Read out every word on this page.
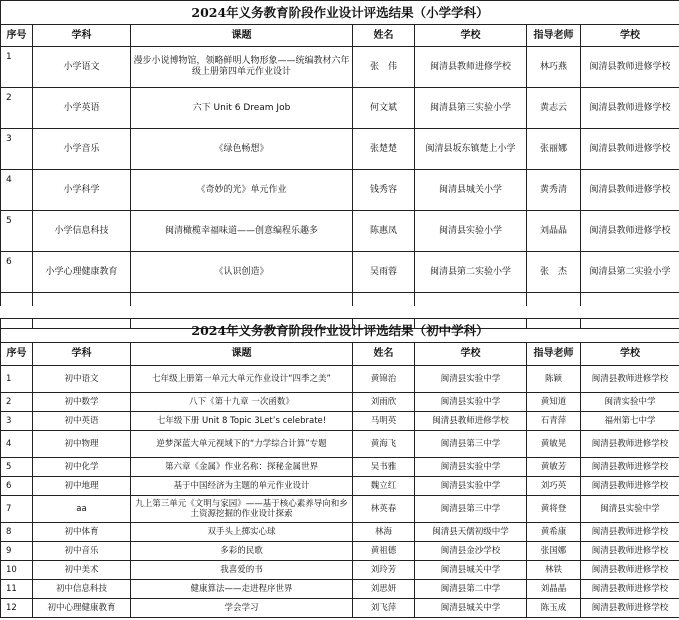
2024年义务教育阶段作业设计评选结果（小学学科）						
序号	学科	课题	姓名	学校	指导老师	学校
1	小学语文	漫步小说博物馆，领略鲜明人物形象——统编教材六年级上册第四单元作业设计	张　伟	闽清县教师进修学校	林巧燕	闽清县教师进修学校
2	小学英语	六下 Unit 6 Dream Job	何文斌	闽清县第三实验小学	黄志云	闽清县教师进修学校
3	小学音乐	《绿色畅想》	张楚楚	闽清县坂东镇楚上小学	张丽娜	闽清县教师进修学校
4	小学科学	《奇妙的光》单元作业	钱秀容	闽清县城关小学	黄秀清	闽清县教师进修学校
5	小学信息科技	闽清橄榄幸福味道——创意编程乐趣多	陈惠凤	闽清县实验小学	刘晶晶	闽清县教师进修学校
6	小学心理健康教育	《认识创造》	吴雨蓉	闽清县第二实验小学	张　杰	闽清县第二实验小学

2024年义务教育阶段作业设计评选结果（初中学科）						
序号	学科	课题	姓名	学校	指导老师	学校
1	初中语文	七年级上册第一单元大单元作业设计“四季之美”	黄锦治	闽清县实验中学	陈颖	闽清县教师进修学校
2	初中数学	八下《第十九章 一次函数》	刘雨欣	闽清县实验中学	黄知道	闽清实验中学
3	初中英语	七年级下册 Unit 8 Topic 3Let’s celebrate!	马明英	闽清县教师进修学校	石青萍	福州第七中学
4	初中物理	逆梦深蓝大单元视域下的“力学综合计算”专题	黄海飞	闽清县第三中学	黄敏晃	闽清县教师进修学校
5	初中化学	第六章《金属》作业名称：探秘金属世界	吴书雅	闽清县实验中学	黄敏芳	闽清县教师进修学校
6	初中地理	基于中国经济为主题的单元作业设计	魏立红	闽清县实验中学	刘巧英	闽清县教师进修学校
7	aa	九上第三单元《文明与家园》——基于核心素养导向和乡土资源挖掘的作业设计探索	林英春	闽清县第三中学	黄将登	闽清县实验中学
8	初中体育	双手头上掷实心球	林海	闽清县天儒初级中学	黄希康	闽清县教师进修学校
9	初中音乐	多彩的民歌	黄祖德	闽清县金沙学校	张国娜	闽清县教师进修学校
10	初中美术	我喜爱的书	刘玲芳	闽清县城关中学	林铁	闽清县教师进修学校
11	初中信息科技	健康算法——走进程序世界	刘思妍	闽清县第二中学	刘晶晶	闽清县教师进修学校
12	初中心理健康教育	学会学习	刘飞萍	闽清县城关中学	陈玉成	闽清县教师进修学校
